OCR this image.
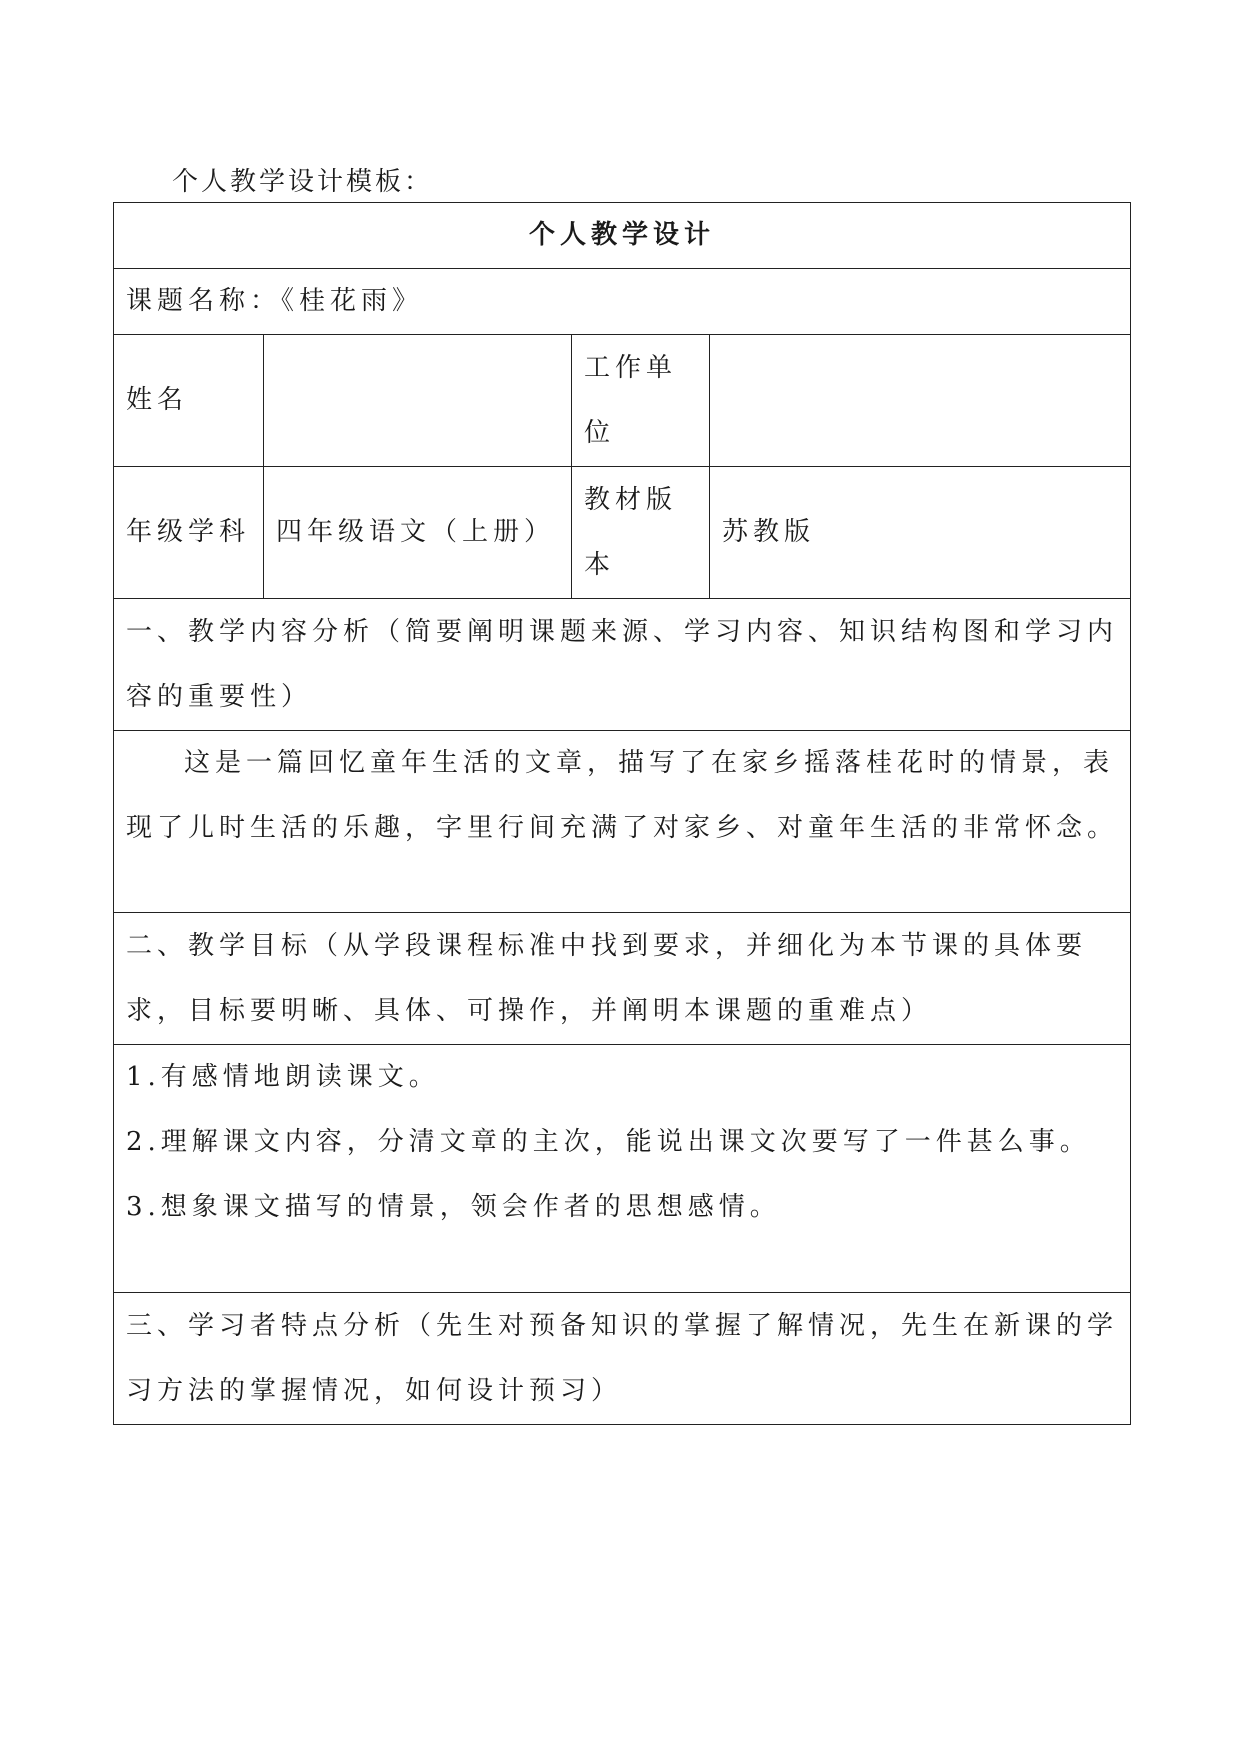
个人教学设计模板：
个人教学设计			
课题名称：《桂花雨》			
姓名		工作单位	
年级学科	四年级语文（上册）	教材版本	苏教版
一、教学内容分析（简要阐明课题来源、学习内容、知识结构图和学习内容的重要性）			

这是一篇回忆童年生活的文章，描写了在家乡摇落桂花时的情景，表现了儿时生活的乐趣，字里行间充满了对家乡、对童年生活的非常怀念。			

二、教学目标（从学段课程标准中找到要求，并细化为本节课的具体要求，目标要明晰、具体、可操作，并阐明本课题的重难点）			

1.有感情地朗读课文。
2.理解课文内容，分清文章的主次，能说出课文次要写了一件甚么事。
3.想象课文描写的情景，领会作者的思想感情。			

三、学习者特点分析（先生对预备知识的掌握了解情况，先生在新课的学习方法的掌握情况，如何设计预习）			
